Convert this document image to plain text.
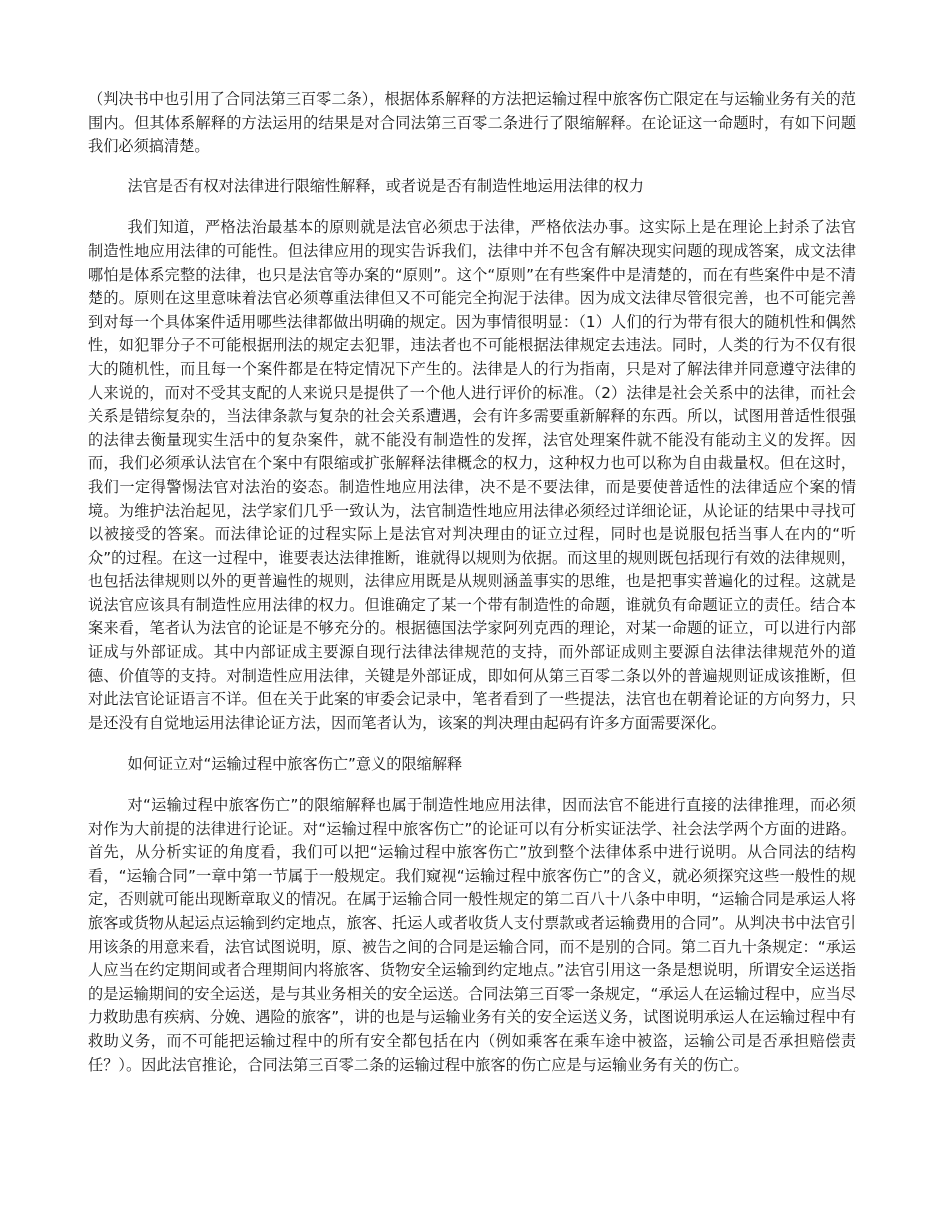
（判决书中也引用了合同法第三百零二条），根据体系解释的方法把运输过程中旅客伤亡限定在与运输业务有关的范围内。但其体系解释的方法运用的结果是对合同法第三百零二条进行了限缩解释。在论证这一命题时，有如下问题我们必须搞清楚。

法官是否有权对法律进行限缩性解释，或者说是否有制造性地运用法律的权力

我们知道，严格法治最基本的原则就是法官必须忠于法律，严格依法办事。这实际上是在理论上封杀了法官制造性地应用法律的可能性。但法律应用的现实告诉我们，法律中并不包含有解决现实问题的现成答案，成文法律哪怕是体系完整的法律，也只是法官等办案的“原则”。这个“原则”在有些案件中是清楚的，而在有些案件中是不清楚的。原则在这里意味着法官必须尊重法律但又不可能完全拘泥于法律。因为成文法律尽管很完善，也不可能完善到对每一个具体案件适用哪些法律都做出明确的规定。因为事情很明显：（1）人们的行为带有很大的随机性和偶然性，如犯罪分子不可能根据刑法的规定去犯罪，违法者也不可能根据法律规定去违法。同时，人类的行为不仅有很大的随机性，而且每一个案件都是在特定情况下产生的。法律是人的行为指南，只是对了解法律并同意遵守法律的人来说的，而对不受其支配的人来说只是提供了一个他人进行评价的标准。（2）法律是社会关系中的法律，而社会关系是错综复杂的，当法律条款与复杂的社会关系遭遇，会有许多需要重新解释的东西。所以，试图用普适性很强的法律去衡量现实生活中的复杂案件，就不能没有制造性的发挥，法官处理案件就不能没有能动主义的发挥。因而，我们必须承认法官在个案中有限缩或扩张解释法律概念的权力，这种权力也可以称为自由裁量权。但在这时，我们一定得警惕法官对法治的姿态。制造性地应用法律，决不是不要法律，而是要使普适性的法律适应个案的情境。为维护法治起见，法学家们几乎一致认为，法官制造性地应用法律必须经过详细论证，从论证的结果中寻找可以被接受的答案。而法律论证的过程实际上是法官对判决理由的证立过程，同时也是说服包括当事人在内的“听众”的过程。在这一过程中，谁要表达法律推断，谁就得以规则为依据。而这里的规则既包括现行有效的法律规则，也包括法律规则以外的更普遍性的规则，法律应用既是从规则涵盖事实的思维，也是把事实普遍化的过程。这就是说法官应该具有制造性应用法律的权力。但谁确定了某一个带有制造性的命题，谁就负有命题证立的责任。结合本案来看，笔者认为法官的论证是不够充分的。根据德国法学家阿列克西的理论，对某一命题的证立，可以进行内部证成与外部证成。其中内部证成主要源自现行法律法律规范的支持，而外部证成则主要源自法律法律规范外的道德、价值等的支持。对制造性应用法律，关键是外部证成，即如何从第三百零二条以外的普遍规则证成该推断，但对此法官论证语言不详。但在关于此案的审委会记录中，笔者看到了一些提法，法官也在朝着论证的方向努力，只是还没有自觉地运用法律论证方法，因而笔者认为，该案的判决理由起码有许多方面需要深化。

如何证立对“运输过程中旅客伤亡”意义的限缩解释

对“运输过程中旅客伤亡”的限缩解释也属于制造性地应用法律，因而法官不能进行直接的法律推理，而必须对作为大前提的法律进行论证。对“运输过程中旅客伤亡”的论证可以有分析实证法学、社会法学两个方面的进路。首先，从分析实证的角度看，我们可以把“运输过程中旅客伤亡”放到整个法律体系中进行说明。从合同法的结构看，“运输合同”一章中第一节属于一般规定。我们窥视“运输过程中旅客伤亡”的含义，就必须探究这些一般性的规定，否则就可能出现断章取义的情况。在属于运输合同一般性规定的第二百八十八条中申明，“运输合同是承运人将旅客或货物从起运点运输到约定地点，旅客、托运人或者收货人支付票款或者运输费用的合同”。从判决书中法官引用该条的用意来看，法官试图说明，原、被告之间的合同是运输合同，而不是别的合同。第二百九十条规定：“承运人应当在约定期间或者合理期间内将旅客、货物安全运输到约定地点。”法官引用这一条是想说明，所谓安全运送指的是运输期间的安全运送，是与其业务相关的安全运送。合同法第三百零一条规定，“承运人在运输过程中，应当尽力救助患有疾病、分娩、遇险的旅客”，讲的也是与运输业务有关的安全运送义务，试图说明承运人在运输过程中有救助义务，而不可能把运输过程中的所有安全都包括在内（例如乘客在乘车途中被盗，运输公司是否承担赔偿责任？）。因此法官推论，合同法第三百零二条的运输过程中旅客的伤亡应是与运输业务有关的伤亡。
